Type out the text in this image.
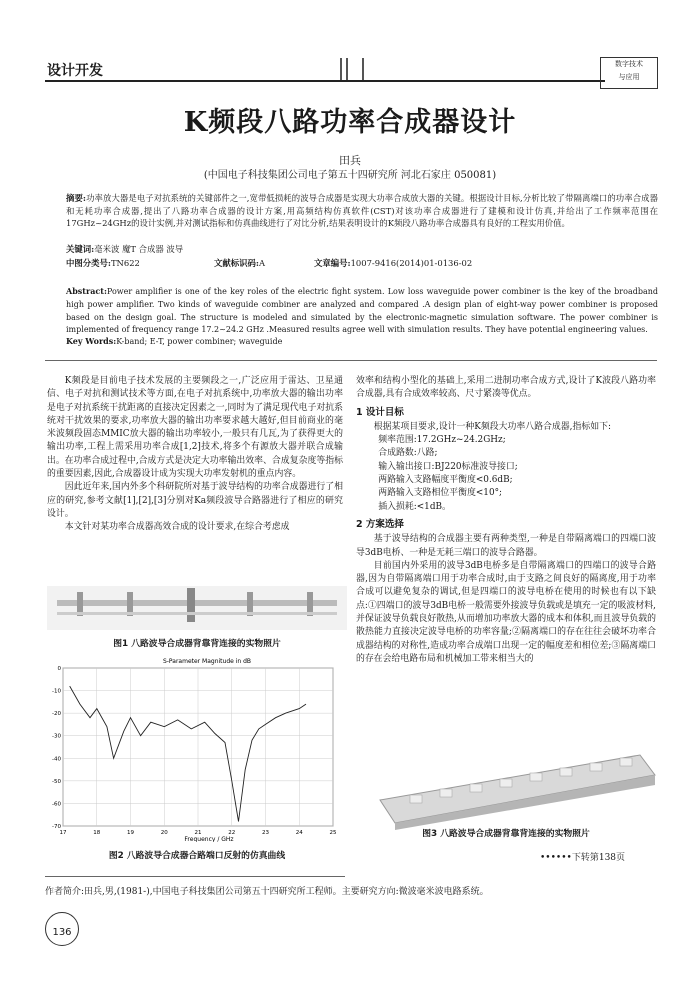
设计开发	数字技术
与应用
K频段八路功率合成器设计
田兵
(中国电子科技集团公司电子第五十四研究所 河北石家庄 050081)
摘要:功率放大器是电子对抗系统的关键部件之一,宽带低损耗的波导合成器是实现大功率合成放大器的关键。根据设计目标,分析比较了带隔离端口的功率合成器和无耗功率合成器,提出了八路功率合成器的设计方案,用高频结构仿真软件(CST)对该功率合成器进行了建模和设计仿真,并给出了工作频率范围在17GHz~24GHz的设计实例,并对测试指标和仿真曲线进行了对比分析,结果表明设计的K频段八路功率合成器具有良好的工程实用价值。
关键词:毫米波 魔T 合成器 波导
中图分类号:TN622	文献标识码:A	文章编号:1007-9416(2014)01-0136-02
Abstract:Power amplifier is one of the key roles of the electric fight system. Low loss waveguide power combiner is the key of the broadband high power amplifier. Two kinds of waveguide combiner are analyzed and compared .A design plan of eight-way power combiner is proposed based on the design goal. The structure is modeled and simulated by the electronic-magnetic simulation software. The power combiner is implemented of frequency range 17.2~24.2 GHz .Measured results agree well with simulation results. They have potential engineering values.
Key Words:K-band; E-T, power combiner; waveguide

K频段是目前电子技术发展的主要频段之一,广泛应用于雷达、卫星通信、电子对抗和测试技术等方面,在电子对抗系统中,功率放大器的输出功率是电子对抗系统干扰距离的直接决定因素之一,同时为了满足现代电子对抗系统对干扰效果的要求,功率放大器的输出功率要求越大越好,但目前商业的毫米波频段固态MMIC放大器的输出功率较小,一般只有几瓦,为了获得更大的输出功率,工程上需采用功率合成[1,2]技术,将多个有源放大器并联合成输出。在功率合成过程中,合成方式是决定大功率输出效率、合成复杂度等指标的重要因素,因此,合成器设计成为实现大功率发射机的重点内容。

因此近年来,国内外多个科研院所对基于波导结构的功率合成器进行了相应的研究,参考文献[1],[2],[3]分别对Ka频段波导合路器进行了相应的研究设计。

本文针对某功率合成器高效合成的设计要求,在综合考虑成

图1 八路波导合成器背靠背连接的实物照片
S-Parameter Magnitude in dB
Frequency / GHz
17	18	19	20	21	22	23	24	25
0
-10
-20
-30
-40
-50
-60
-70
图2 八路波导合成器合路端口反射的仿真曲线

效率和结构小型化的基础上,采用二进制功率合成方式,设计了K波段八路功率合成器,具有合成效率较高、尺寸紧凑等优点。

1 设计目标

根据某项目要求,设计一种K频段大功率八路合成器,指标如下:

频率范围:17.2GHz~24.2GHz;

合成路数:八路;

输入输出接口:BJ220标准波导接口;

两路输入支路幅度平衡度<0.6dB;

两路输入支路相位平衡度<10°;

插入损耗:<1dB。

2 方案选择

基于波导结构的合成器主要有两种类型,一种是自带隔离端口的四端口波导3dB电桥、一种是无耗三端口的波导合路器。

目前国内外采用的波导3dB电桥多是自带隔离端口的四端口的波导合路器,因为自带隔离端口用于功率合成时,由于支路之间良好的隔离度,用于功率合成可以避免复杂的调试,但是四端口的波导电桥在使用的时候也有以下缺点:①四端口的波导3dB电桥一般需要外接波导负载或是填充一定的吸波材料,并保证波导负载良好散热,从而增加功率放大器的成本和体积,而且波导负载的散热能力直接决定波导电桥的功率容量;②隔离端口的存在往往会破坏功率合成器结构的对称性,造成功率合成端口出现一定的幅度差和相位差;③隔离端口的存在会给电路布局和机械加工带来相当大的

图3 八路波导合成器背靠背连接的实物照片
••••••下转第138页
作者简介:田兵,男,(1981-),中国电子科技集团公司第五十四研究所工程师。主要研究方向:微波毫米波电路系统。
136
